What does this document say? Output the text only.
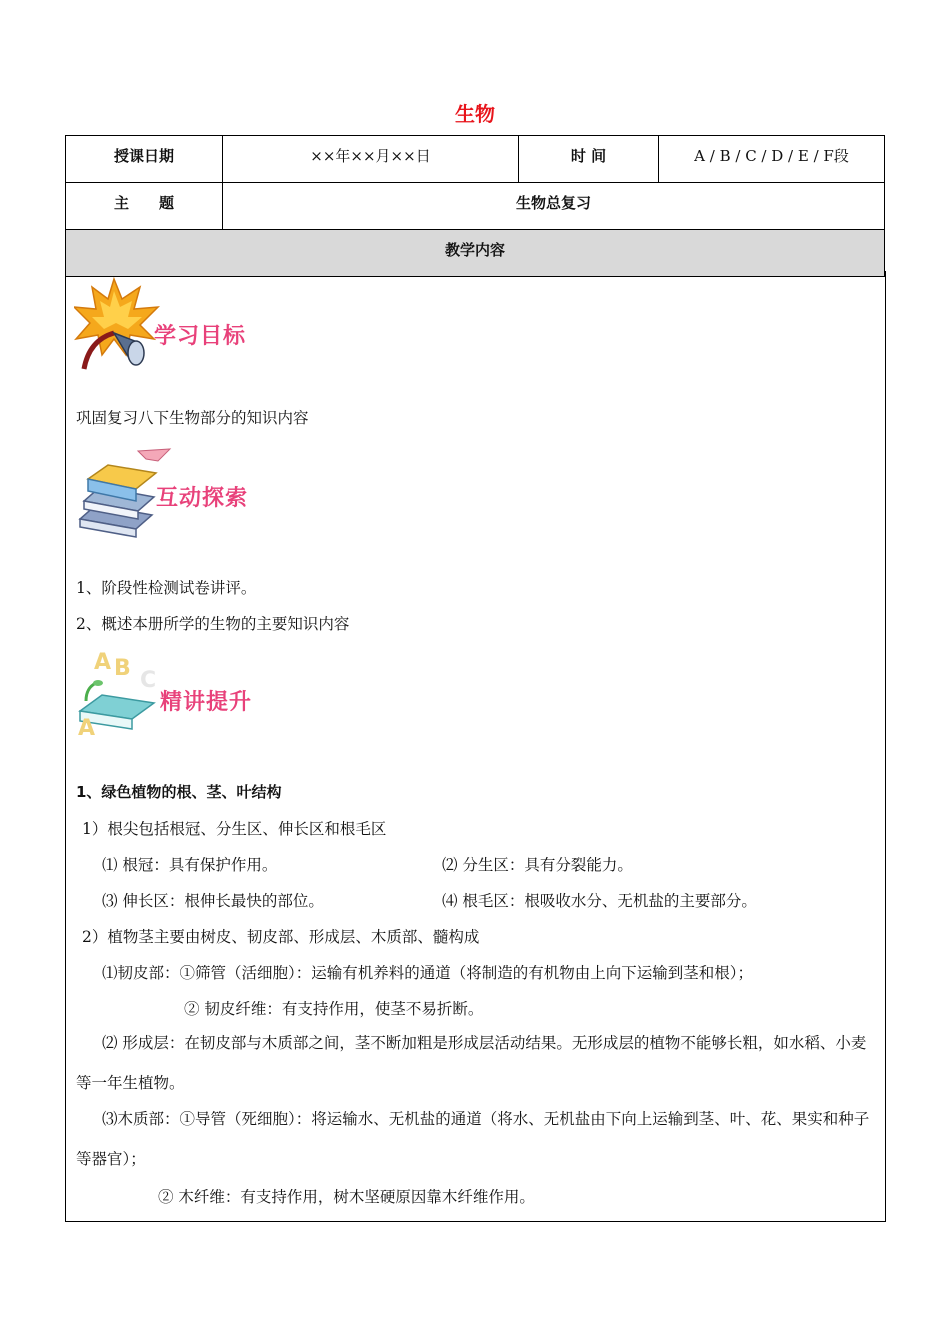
生物
授课日期	××年××月××日	时 间	A / B / C / D / E / F段
主　　题	生物总复习		
教学内容			
学习目标
巩固复习八下生物部分的知识内容
互动探索
1、阶段性检测试卷讲评。
2、概述本册所学的生物的主要知识内容
A B C
A
精讲提升
1、绿色植物的根、茎、叶结构
1）根尖包括根冠、分生区、伸长区和根毛区
⑴ 根冠：具有保护作用。	⑵ 分生区：具有分裂能力。
⑶ 伸长区：根伸长最快的部位。	⑷ 根毛区：根吸收水分、无机盐的主要部分。
2）植物茎主要由树皮、韧皮部、形成层、木质部、髓构成
⑴韧皮部：①筛管（活细胞）：运输有机养料的通道（将制造的有机物由上向下运输到茎和根）；
② 韧皮纤维：有支持作用，使茎不易折断。
⑵ 形成层：在韧皮部与木质部之间，茎不断加粗是形成层活动结果。无形成层的植物不能够长粗，如水稻、小麦等一年生植物。
⑶木质部：①导管（死细胞）：将运输水、无机盐的通道（将水、无机盐由下向上运输到茎、叶、花、果实和种子等器官）；
② 木纤维：有支持作用，树木坚硬原因靠木纤维作用。
